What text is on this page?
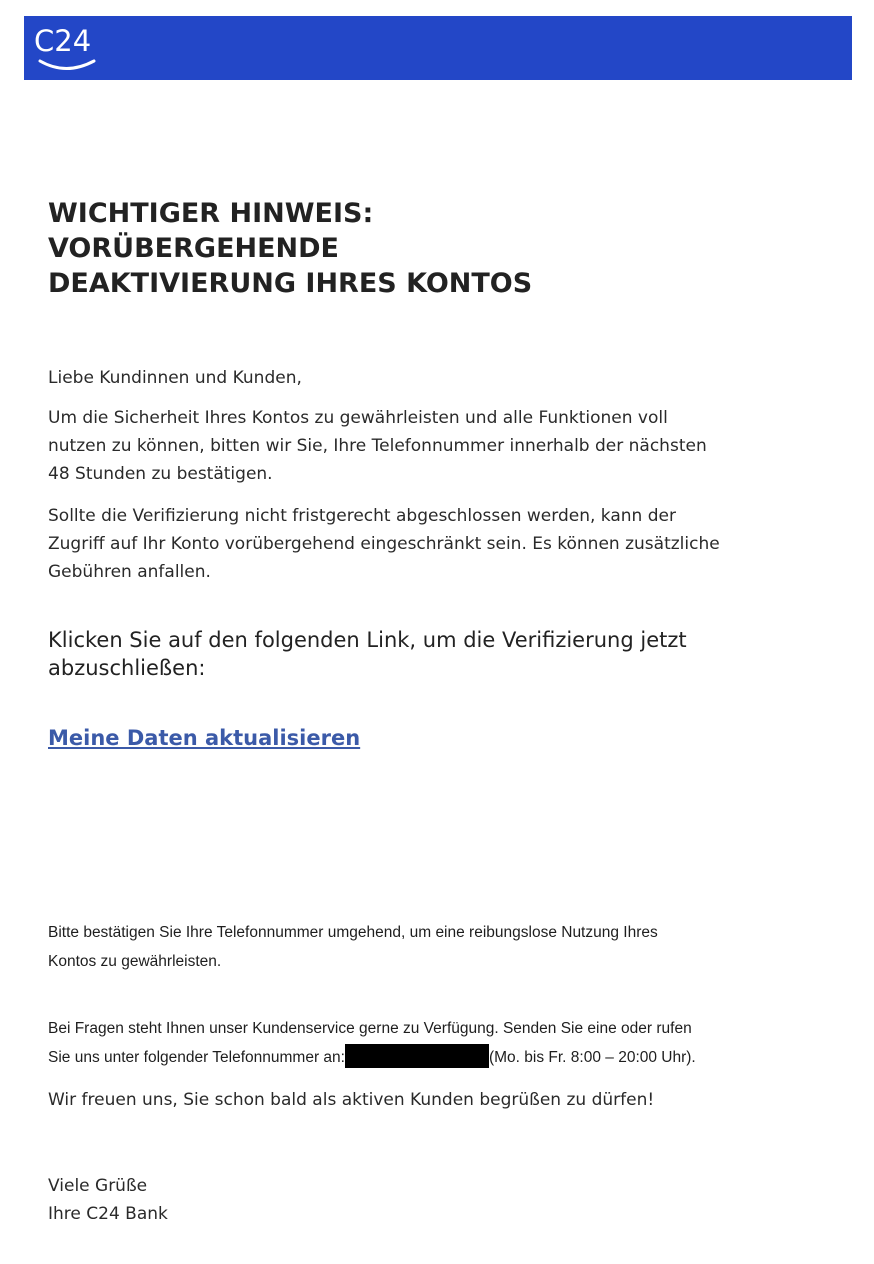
C24
WICHTIGER HINWEIS:
VORÜBERGEHENDE
DEAKTIVIERUNG IHRES KONTOS

Liebe Kundinnen und Kunden,

Um die Sicherheit Ihres Kontos zu gewährleisten und alle Funktionen voll
nutzen zu können, bitten wir Sie, Ihre Telefonnummer innerhalb der nächsten
48 Stunden zu bestätigen.

Sollte die Verifizierung nicht fristgerecht abgeschlossen werden, kann der
Zugriff auf Ihr Konto vorübergehend eingeschränkt sein. Es können zusätzliche
Gebühren anfallen.

Klicken Sie auf den folgenden Link, um die Verifizierung jetzt
abzuschließen:

Meine Daten aktualisieren

Bitte bestätigen Sie Ihre Telefonnummer umgehend, um eine reibungslose Nutzung Ihres
Kontos zu gewährleisten.

Bei Fragen steht Ihnen unser Kundenservice gerne zu Verfügung. Senden Sie eine oder rufen
Sie uns unter folgender Telefonnummer an:	(Mo. bis Fr. 8:00 – 20:00 Uhr).

Wir freuen uns, Sie schon bald als aktiven Kunden begrüßen zu dürfen!

Viele Grüße
Ihre C24 Bank
